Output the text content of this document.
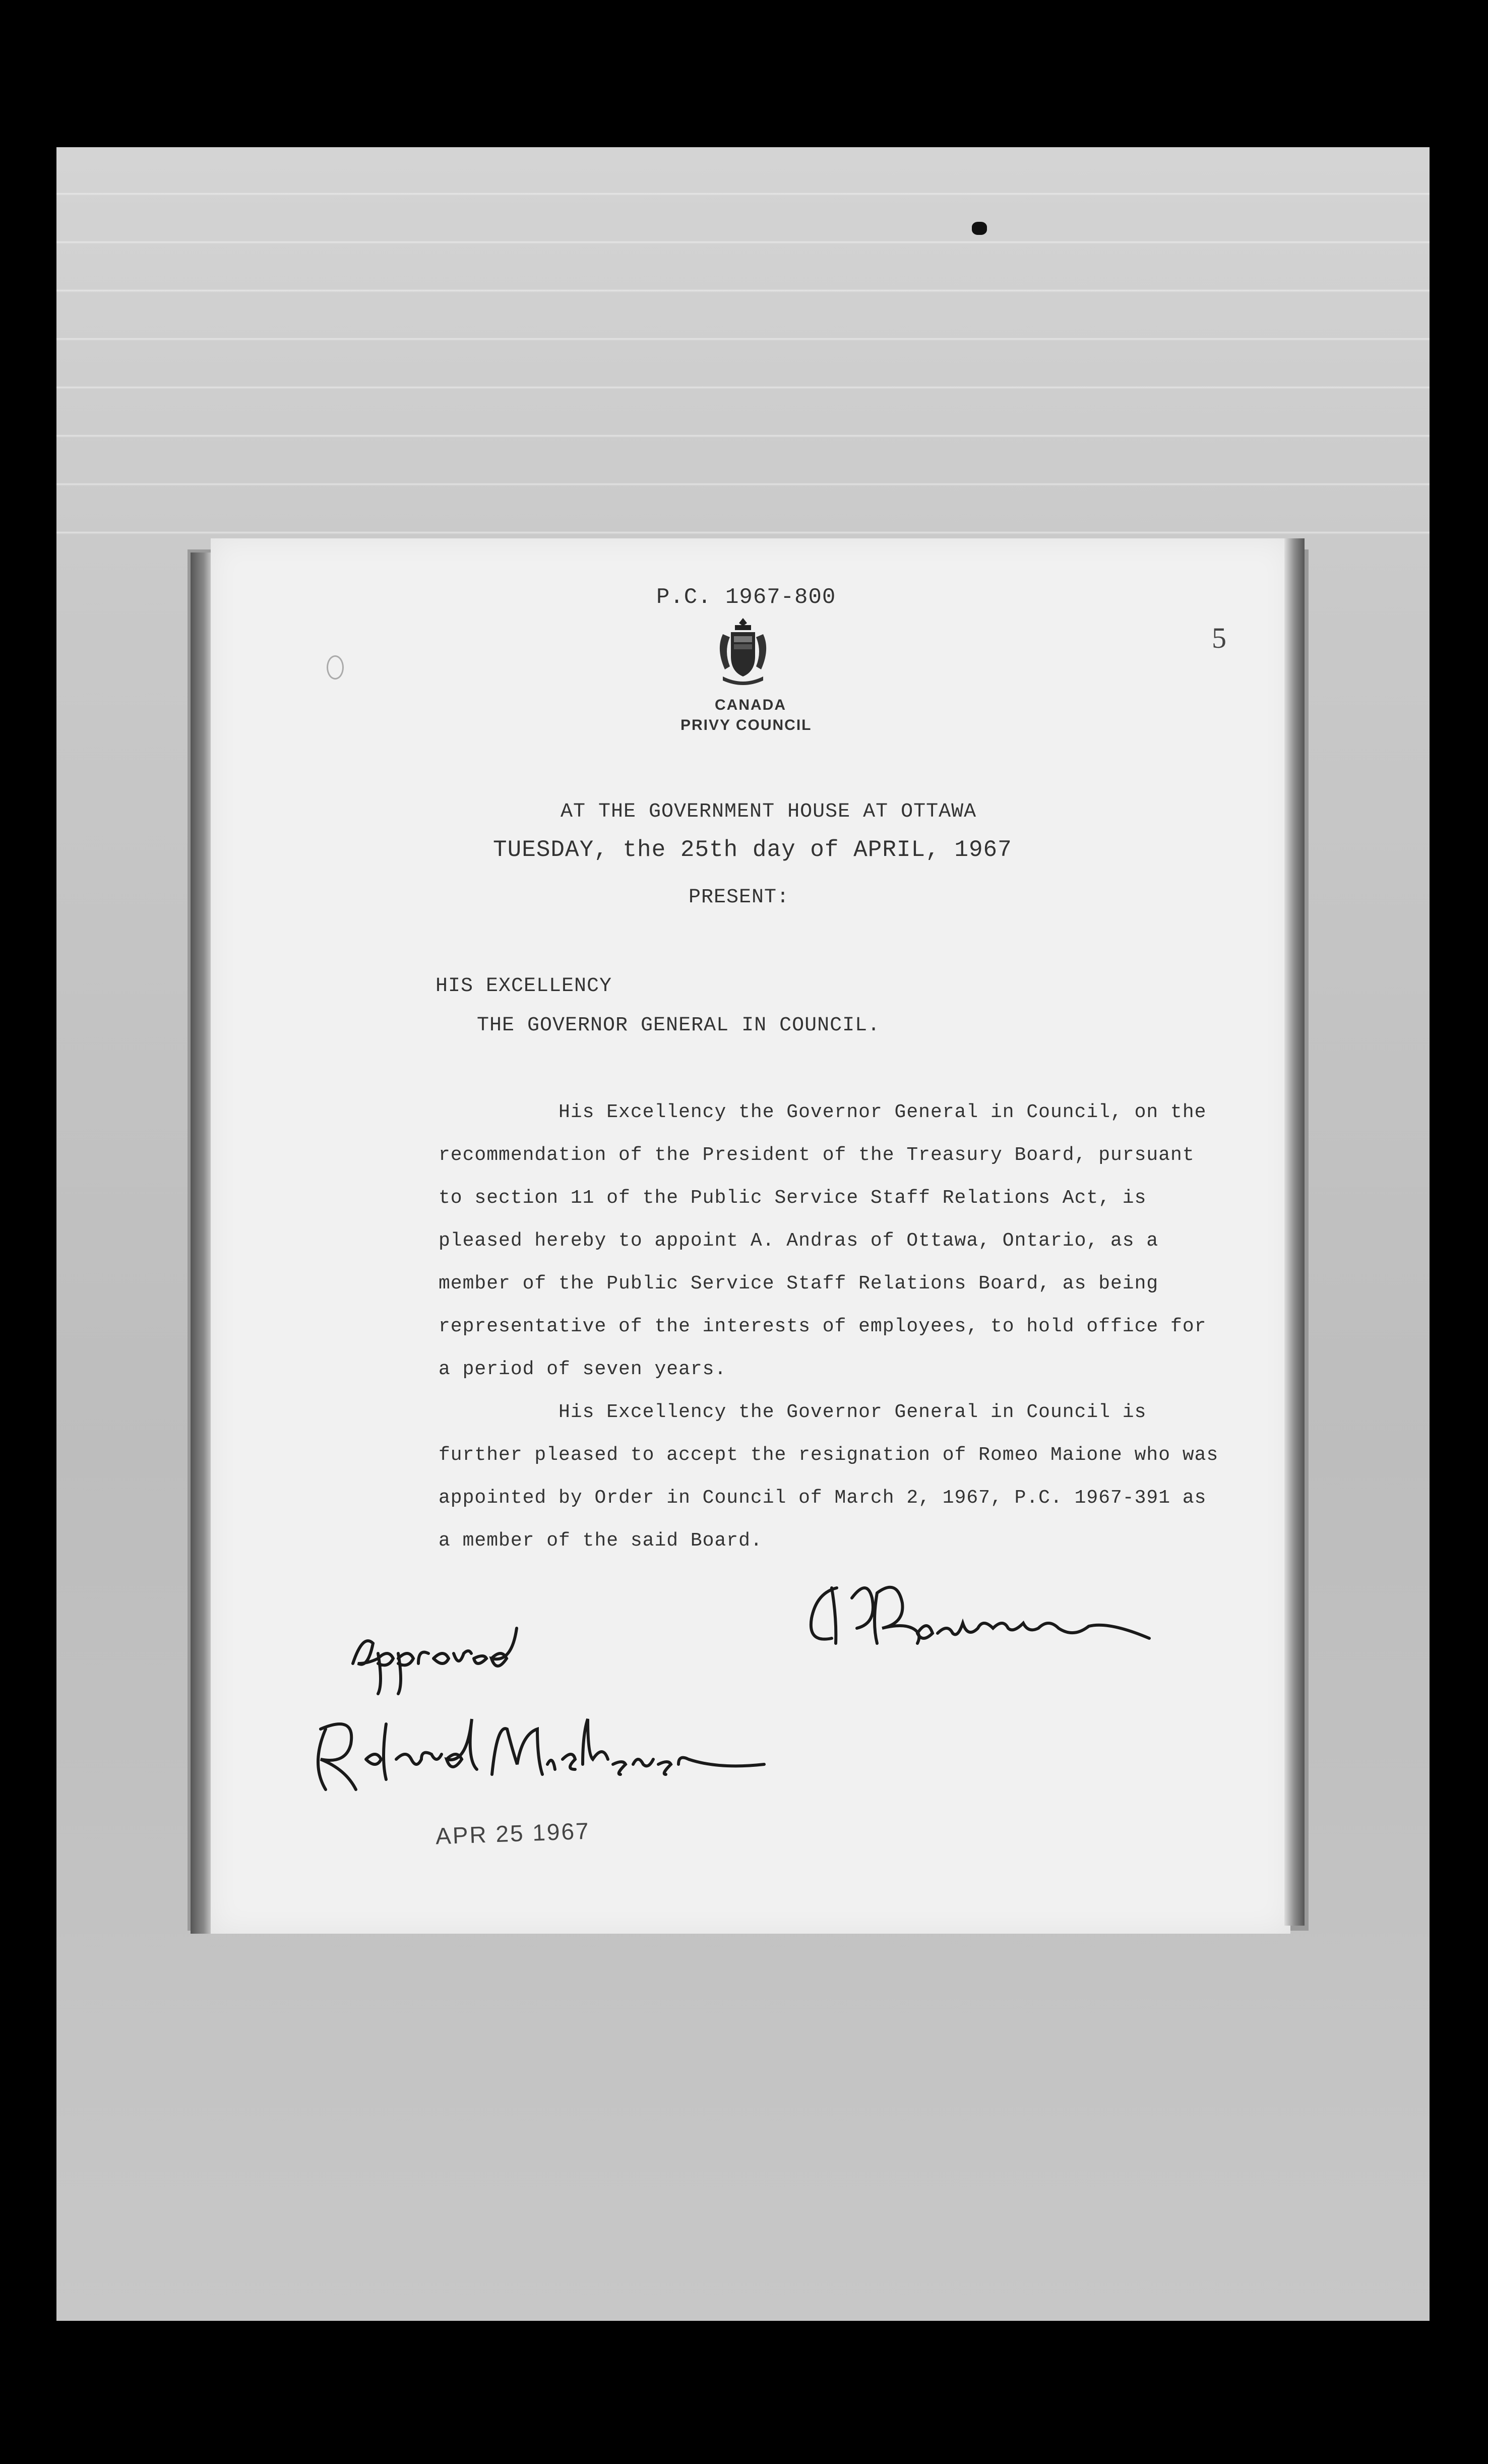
P.C. 1967-800
5
CANADA
PRIVY COUNCIL
AT THE GOVERNMENT HOUSE AT OTTAWA
TUESDAY, the 25th day of APRIL, 1967
PRESENT:
HIS EXCELLENCY
THE GOVERNOR GENERAL IN COUNCIL.

His Excellency the Governor General in Council, on the

recommendation of the President of the Treasury Board, pursuant

to section 11 of the Public Service Staff Relations Act, is

pleased hereby to appoint A. Andras of Ottawa, Ontario, as a

member of the Public Service Staff Relations Board, as being

representative of the interests of employees, to hold office for

a period of seven years.

His Excellency the Governor General in Council is

further pleased to accept the resignation of Romeo Maione who was

appointed by Order in Council of March 2, 1967, P.C. 1967-391 as

a member of the said Board.

APR 25 1967
